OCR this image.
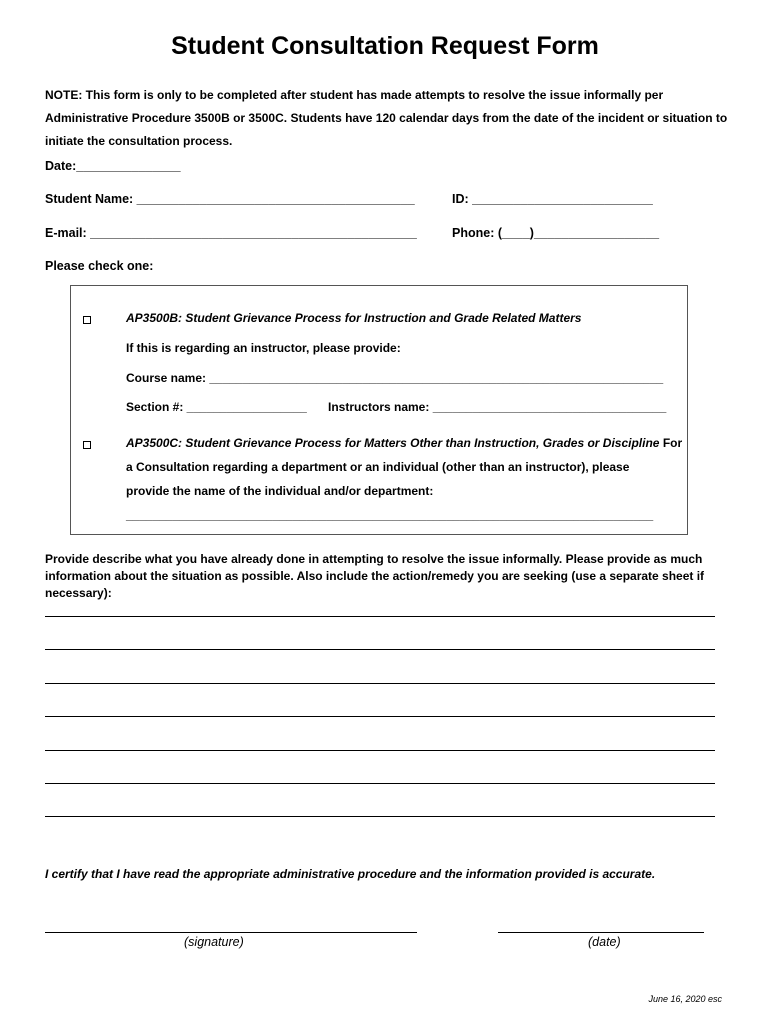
Student Consultation Request Form
NOTE: This form is only to be completed after student has made attempts to resolve the issue informally per Administrative Procedure 3500B or 3500C. Students have 120 calendar days from the date of the incident or situation to initiate the consultation process.
Date:_______________
Student Name: ________________________________________	ID: __________________________
E-mail: _______________________________________________	Phone: (____)__________________
Please check one:
AP3500B: Student Grievance Process for Instruction and Grade Related Matters
If this is regarding an instructor, please provide:
Course name: ____________________________________________________________________
Section #: __________________ Instructors name: ___________________________________
AP3500C: Student Grievance Process for Matters Other than Instruction, Grades or Discipline For
a Consultation regarding a department or an individual (other than an instructor), please
provide the name of the individual and/or department:
_______________________________________________________________________________
Provide describe what you have already done in attempting to resolve the issue informally. Please provide as much information about the situation as possible. Also include the action/remedy you are seeking (use a separate sheet if necessary):
I certify that I have read the appropriate administrative procedure and the information provided is accurate.
(signature)	(date)
June 16, 2020 esc
